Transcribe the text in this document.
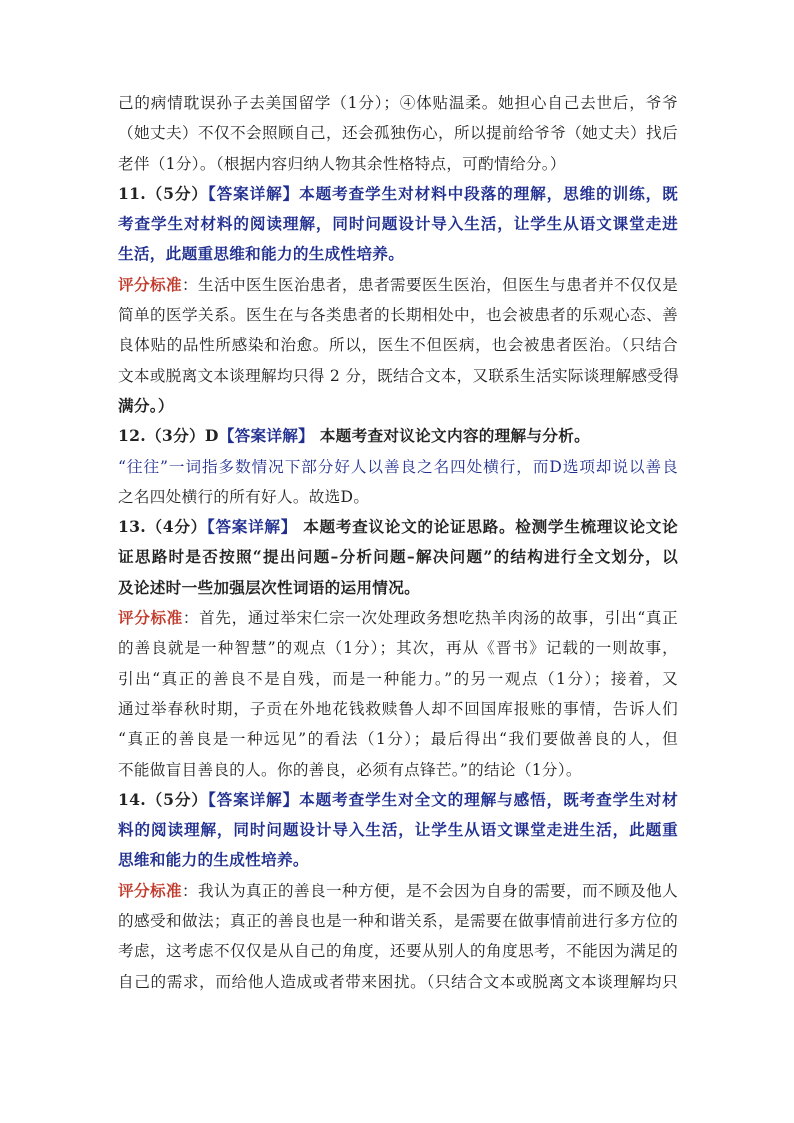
己的病情耽误孙子去美国留学（1分）；④体贴温柔。她担心自己去世后，爷爷
（她丈夫）不仅不会照顾自己，还会孤独伤心，所以提前给爷爷（她丈夫）找后
老伴（1分）。（根据内容归纳人物其余性格特点，可酌情给分。）
11.（5分）【答案详解】本题考查学生对材料中段落的理解，思维的训练，既
考查学生对材料的阅读理解，同时问题设计导入生活，让学生从语文课堂走进
生活，此题重思维和能力的生成性培养。
评分标准：生活中医生医治患者，患者需要医生医治，但医生与患者并不仅仅是
简单的医学关系。医生在与各类患者的长期相处中，也会被患者的乐观心态、善
良体贴的品性所感染和治愈。所以，医生不但医病，也会被患者医治。（只结合
文本或脱离文本谈理解均只得 2 分，既结合文本，又联系生活实际谈理解感受得
满分。）
12.（3分）D【答案详解】 本题考查对议论文内容的理解与分析。
“往往”一词指多数情况下部分好人以善良之名四处横行，而D选项却说以善良
之名四处横行的所有好人。故选D。
13.（4分）【答案详解】 本题考查议论文的论证思路。检测学生梳理议论文论
证思路时是否按照“提出问题–分析问题–解决问题”的结构进行全文划分，以
及论述时一些加强层次性词语的运用情况。
评分标准：首先，通过举宋仁宗一次处理政务想吃热羊肉汤的故事，引出“真正
的善良就是一种智慧”的观点（1分）；其次，再从《晋书》记载的一则故事，
引出“真正的善良不是自残，而是一种能力。”的另一观点（1分）；接着，又
通过举春秋时期，子贡在外地花钱救赎鲁人却不回国库报账的事情，告诉人们
“真正的善良是一种远见”的看法（1分）；最后得出“我们要做善良的人，但
不能做盲目善良的人。你的善良，必须有点锋芒。”的结论（1分）。
14.（5分）【答案详解】本题考查学生对全文的理解与感悟，既考查学生对材
料的阅读理解，同时问题设计导入生活，让学生从语文课堂走进生活，此题重
思维和能力的生成性培养。
评分标准：我认为真正的善良一种方便，是不会因为自身的需要，而不顾及他人
的感受和做法；真正的善良也是一种和谐关系，是需要在做事情前进行多方位的
考虑，这考虑不仅仅是从自己的角度，还要从别人的角度思考，不能因为满足的
自己的需求，而给他人造成或者带来困扰。（只结合文本或脱离文本谈理解均只
